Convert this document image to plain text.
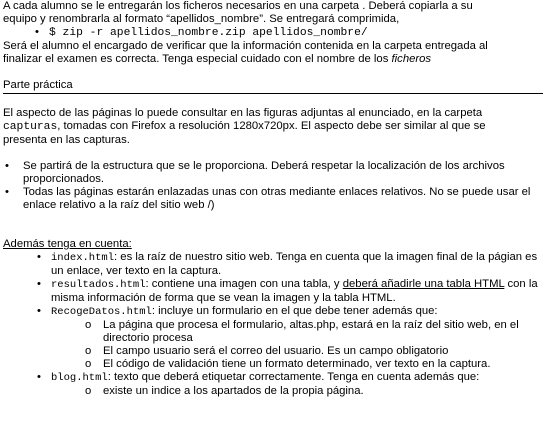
A cada alumno se le entregarán los ficheros necesarios en una carpeta . Deberá copiarla a su

equipo y renombrarla al formato “apellidos_nombre”. Se entregará comprimida,

• $ zip -r apellidos_nombre.zip apellidos_nombre/

Será el alumno el encargado de verificar que la información contenida en la carpeta entregada al

finalizar el examen es correcta. Tenga especial cuidado con el nombre de los ficheros

Parte práctica

El aspecto de las páginas lo puede consultar en las figuras adjuntas al enunciado, en la carpeta
capturas, tomadas con Firefox a resolución 1280x720px. El aspecto debe ser similar al que se
presenta en las capturas.

• Se partirá de la estructura que se le proporciona. Deberá respetar la localización de los archivos proporcionados.
• Todas las páginas estarán enlazadas unas con otras mediante enlaces relativos. No se puede usar el enlace relativo a la raíz del sitio web /)

Además tenga en cuenta:

• index.html: es la raíz de nuestro sitio web. Tenga en cuenta que la imagen final de la págian es un enlace, ver texto en la captura.
• resultados.html: contiene una imagen con una tabla, y deberá añadirle una tabla HTML con la misma información de forma que se vean la imagen y la tabla HTML.
• RecogeDatos.html: incluye un formulario en el que debe tener además que:
o La página que procesa el formulario, altas.php, estará en la raíz del sitio web, en el directorio procesa
o El campo usuario será el correo del usuario. Es un campo obligatorio
o El código de validación tiene un formato determinado, ver texto en la captura.
• blog.html: texto que deberá etiquetar correctamente. Tenga en cuenta además que:
o existe un indice a los apartados de la propia página.
